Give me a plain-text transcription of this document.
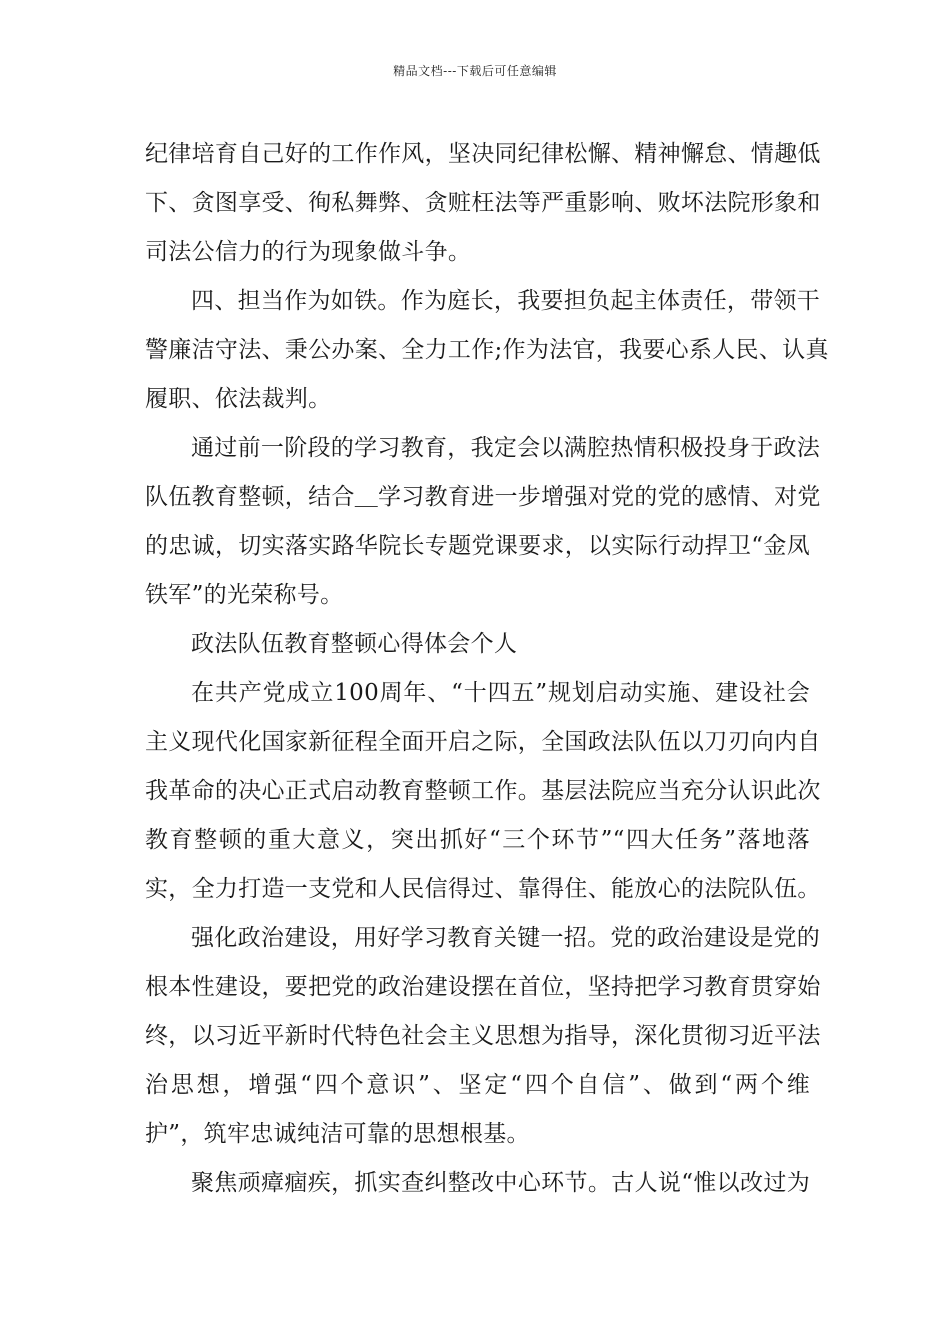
精品文档---下载后可任意编辑
纪律培育自己好的工作作风，坚决同纪律松懈、精神懈怠、情趣低
下、贪图享受、徇私舞弊、贪赃枉法等严重影响、败坏法院形象和
司法公信力的行为现象做斗争。
四、担当作为如铁。作为庭长，我要担负起主体责任，带领干
警廉洁守法、秉公办案、全力工作;作为法官，我要心系人民、认真
履职、依法裁判。
通过前一阶段的学习教育，我定会以满腔热情积极投身于政法
队伍教育整顿，结合＿学习教育进一步增强对党的党的感情、对党
的忠诚，切实落实路华院长专题党课要求，以实际行动捍卫“金凤
铁军”的光荣称号。
政法队伍教育整顿心得体会个人
在共产党成立100周年、“十四五”规划启动实施、建设社会
主义现代化国家新征程全面开启之际，全国政法队伍以刀刃向内自
我革命的决心正式启动教育整顿工作。基层法院应当充分认识此次
教育整顿的重大意义，突出抓好“三个环节”“四大任务”落地落
实，全力打造一支党和人民信得过、靠得住、能放心的法院队伍。
强化政治建设，用好学习教育关键一招。党的政治建设是党的
根本性建设，要把党的政治建设摆在首位，坚持把学习教育贯穿始
终，以习近平新时代特色社会主义思想为指导，深化贯彻习近平法
治思想，增强“四个意识”、坚定“四个自信”、做到“两个维
护”，筑牢忠诚纯洁可靠的思想根基。
聚焦顽瘴痼疾，抓实查纠整改中心环节。古人说“惟以改过为
